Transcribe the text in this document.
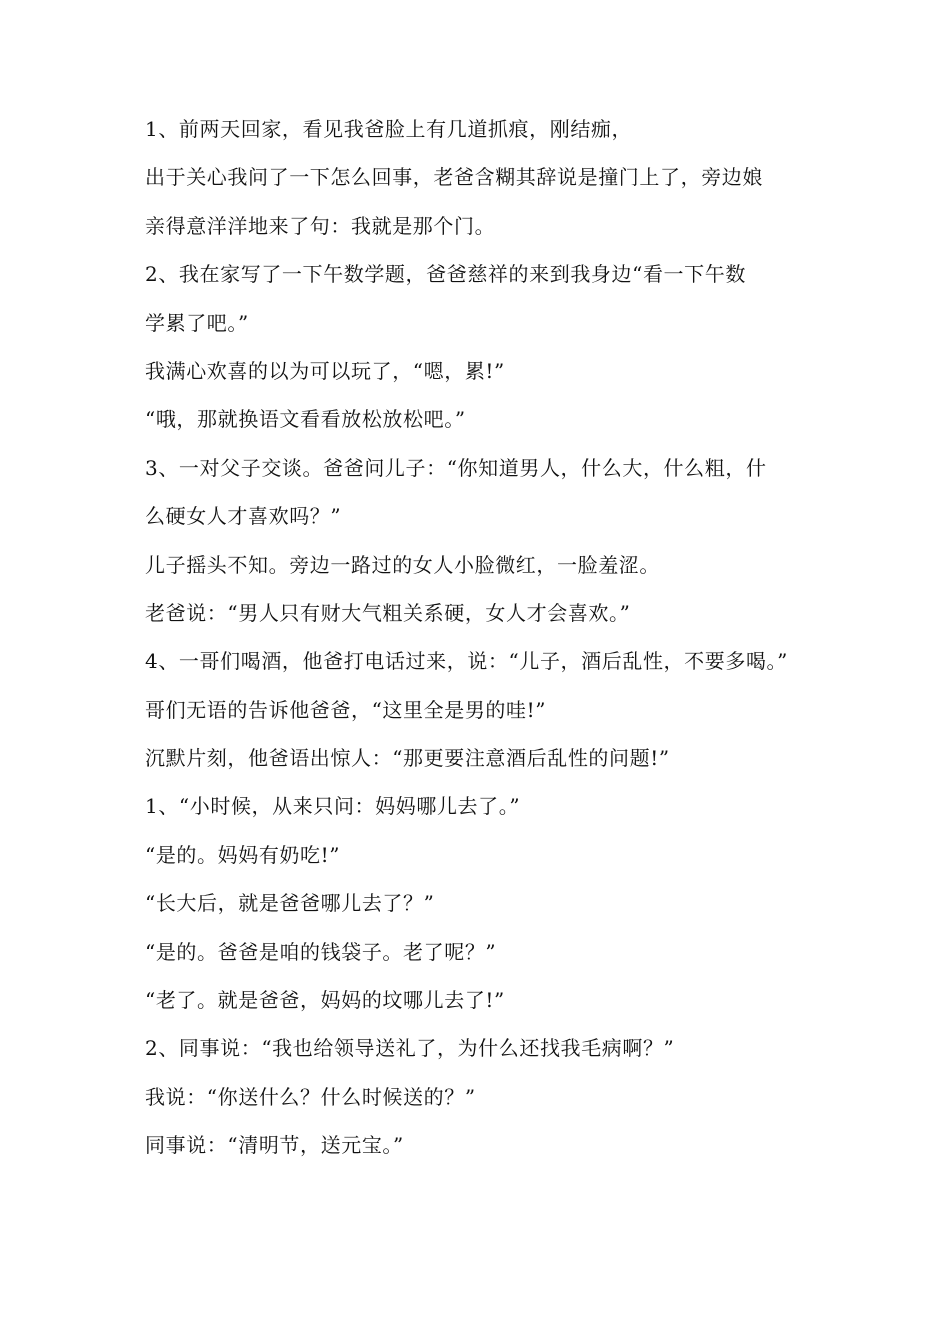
1、前两天回家，看见我爸脸上有几道抓痕，刚结痂，

出于关心我问了一下怎么回事，老爸含糊其辞说是撞门上了，旁边娘

亲得意洋洋地来了句：我就是那个门。

2、我在家写了一下午数学题，爸爸慈祥的来到我身边“看一下午数

学累了吧。”

我满心欢喜的以为可以玩了，“嗯，累!”

“哦，那就换语文看看放松放松吧。”

3、一对父子交谈。爸爸问儿子：“你知道男人，什么大，什么粗，什

么硬女人才喜欢吗？”

儿子摇头不知。旁边一路过的女人小脸微红，一脸羞涩。

老爸说：“男人只有财大气粗关系硬，女人才会喜欢。”

4、一哥们喝酒，他爸打电话过来，说：“儿子，酒后乱性，不要多喝。”

哥们无语的告诉他爸爸，“这里全是男的哇!”

沉默片刻，他爸语出惊人：“那更要注意酒后乱性的问题!”

1、“小时候，从来只问：妈妈哪儿去了。”

“是的。妈妈有奶吃!”

“长大后，就是爸爸哪儿去了？”

“是的。爸爸是咱的钱袋子。老了呢？”

“老了。就是爸爸，妈妈的坟哪儿去了!”

2、同事说：“我也给领导送礼了，为什么还找我毛病啊？”

我说：“你送什么？什么时候送的？”

同事说：“清明节，送元宝。”
